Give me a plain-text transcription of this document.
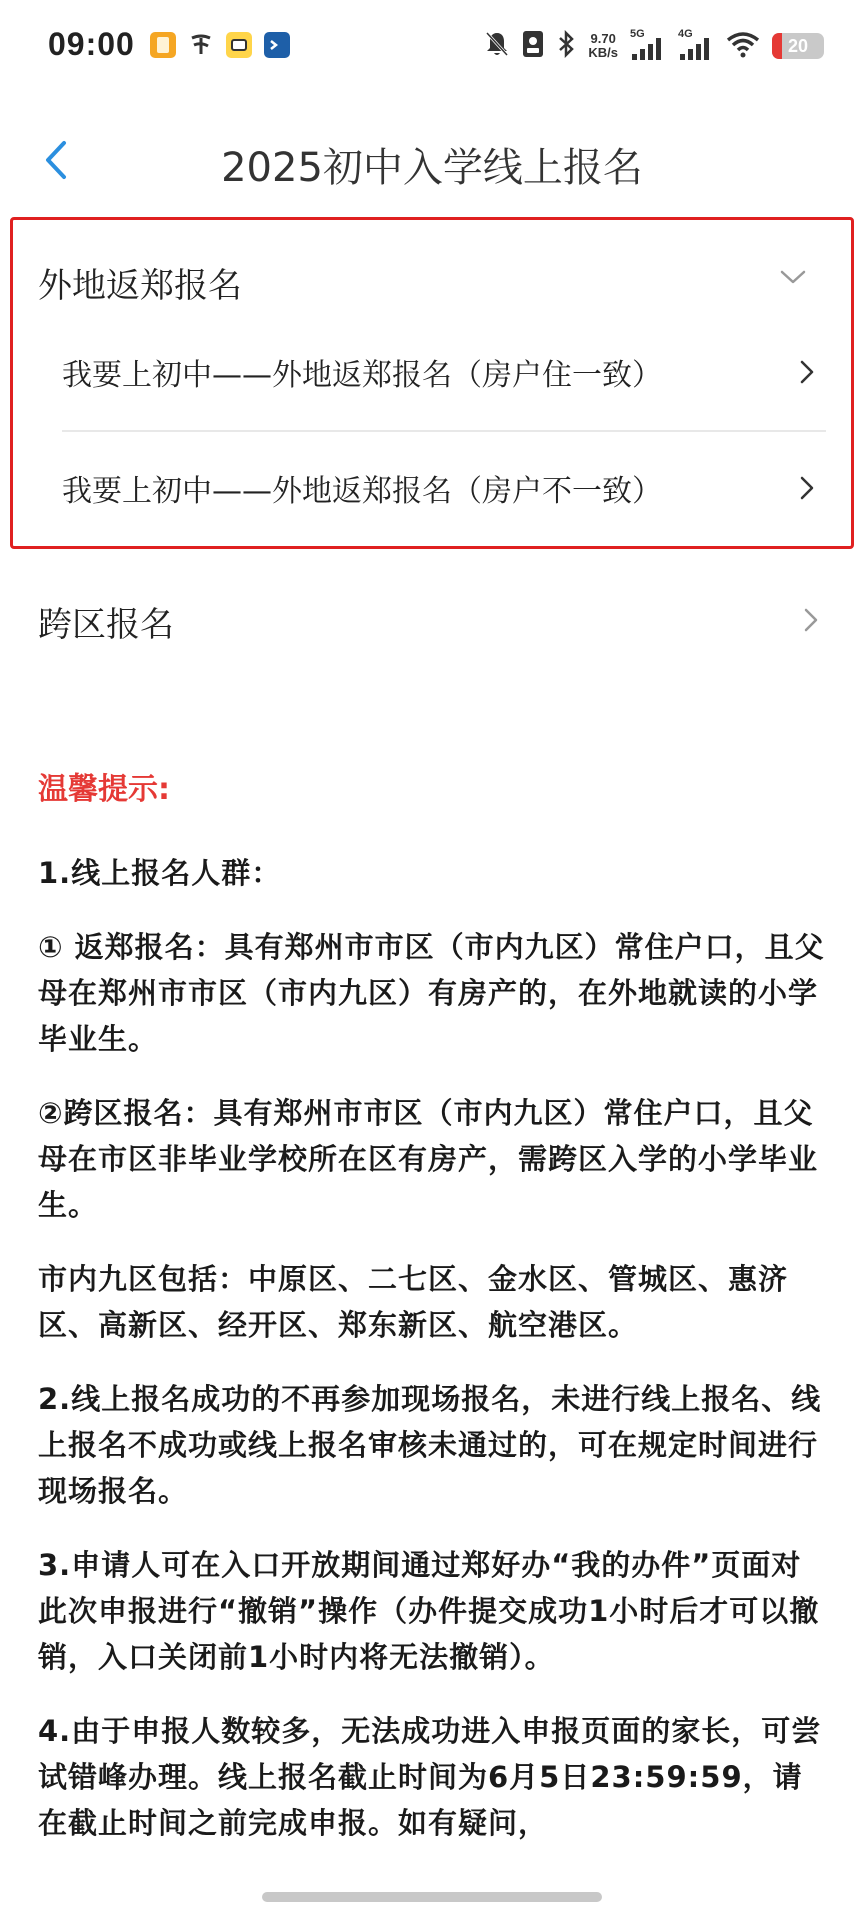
09:00	9.70
KB/s
5G	4G
20
2025初中入学线上报名
外地返郑报名
我要上初中——外地返郑报名（房户住一致）
我要上初中——外地返郑报名（房户不一致）
跨区报名
温馨提示:

1.线上报名人群：

① 返郑报名：具有郑州市市区（市内九区）常住户口，且父母在郑州市市区（市内九区）有房产的，在外地就读的小学毕业生。

②跨区报名：具有郑州市市区（市内九区）常住户口，且父母在市区非毕业学校所在区有房产，需跨区入学的小学毕业生。

市内九区包括：中原区、二七区、金水区、管城区、惠济区、高新区、经开区、郑东新区、航空港区。

2.线上报名成功的不再参加现场报名，未进行线上报名、线上报名不成功或线上报名审核未通过的，可在规定时间进行现场报名。

3.申请人可在入口开放期间通过郑好办“我的办件”页面对此次申报进行“撤销”操作（办件提交成功1小时后才可以撤销，入口关闭前1小时内将无法撤销）。

4.由于申报人数较多，无法成功进入申报页面的家长，可尝试错峰办理。线上报名截止时间为6月5日23:59:59，请在截止时间之前完成申报。如有疑问，
